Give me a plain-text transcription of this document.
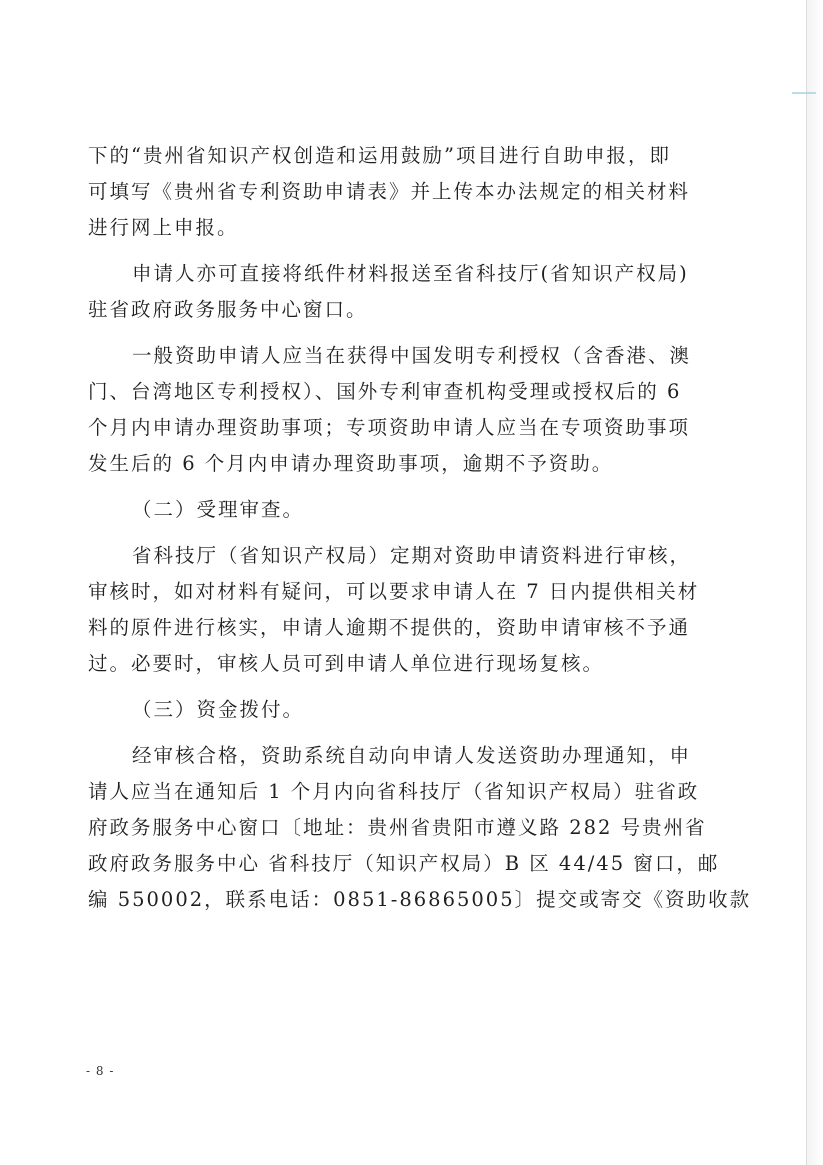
下的“贵州省知识产权创造和运用鼓励”项目进行自助申报，即
可填写《贵州省专利资助申请表》并上传本办法规定的相关材料
进行网上申报。
申请人亦可直接将纸件材料报送至省科技厅(省知识产权局)
驻省政府政务服务中心窗口。
一般资助申请人应当在获得中国发明专利授权（含香港、澳
门、台湾地区专利授权）、国外专利审查机构受理或授权后的 6
个月内申请办理资助事项；专项资助申请人应当在专项资助事项
发生后的 6 个月内申请办理资助事项，逾期不予资助。
（二）受理审查。
省科技厅（省知识产权局）定期对资助申请资料进行审核，
审核时，如对材料有疑问，可以要求申请人在 7 日内提供相关材
料的原件进行核实，申请人逾期不提供的，资助申请审核不予通
过。必要时，审核人员可到申请人单位进行现场复核。
（三）资金拨付。
经审核合格，资助系统自动向申请人发送资助办理通知，申
请人应当在通知后 1 个月内向省科技厅（省知识产权局）驻省政
府政务服务中心窗口〔地址：贵州省贵阳市遵义路 282 号贵州省
政府政务服务中心 省科技厅（知识产权局）B 区 44/45 窗口，邮
编 550002，联系电话：0851-86865005〕提交或寄交《资助收款
- 8 -
